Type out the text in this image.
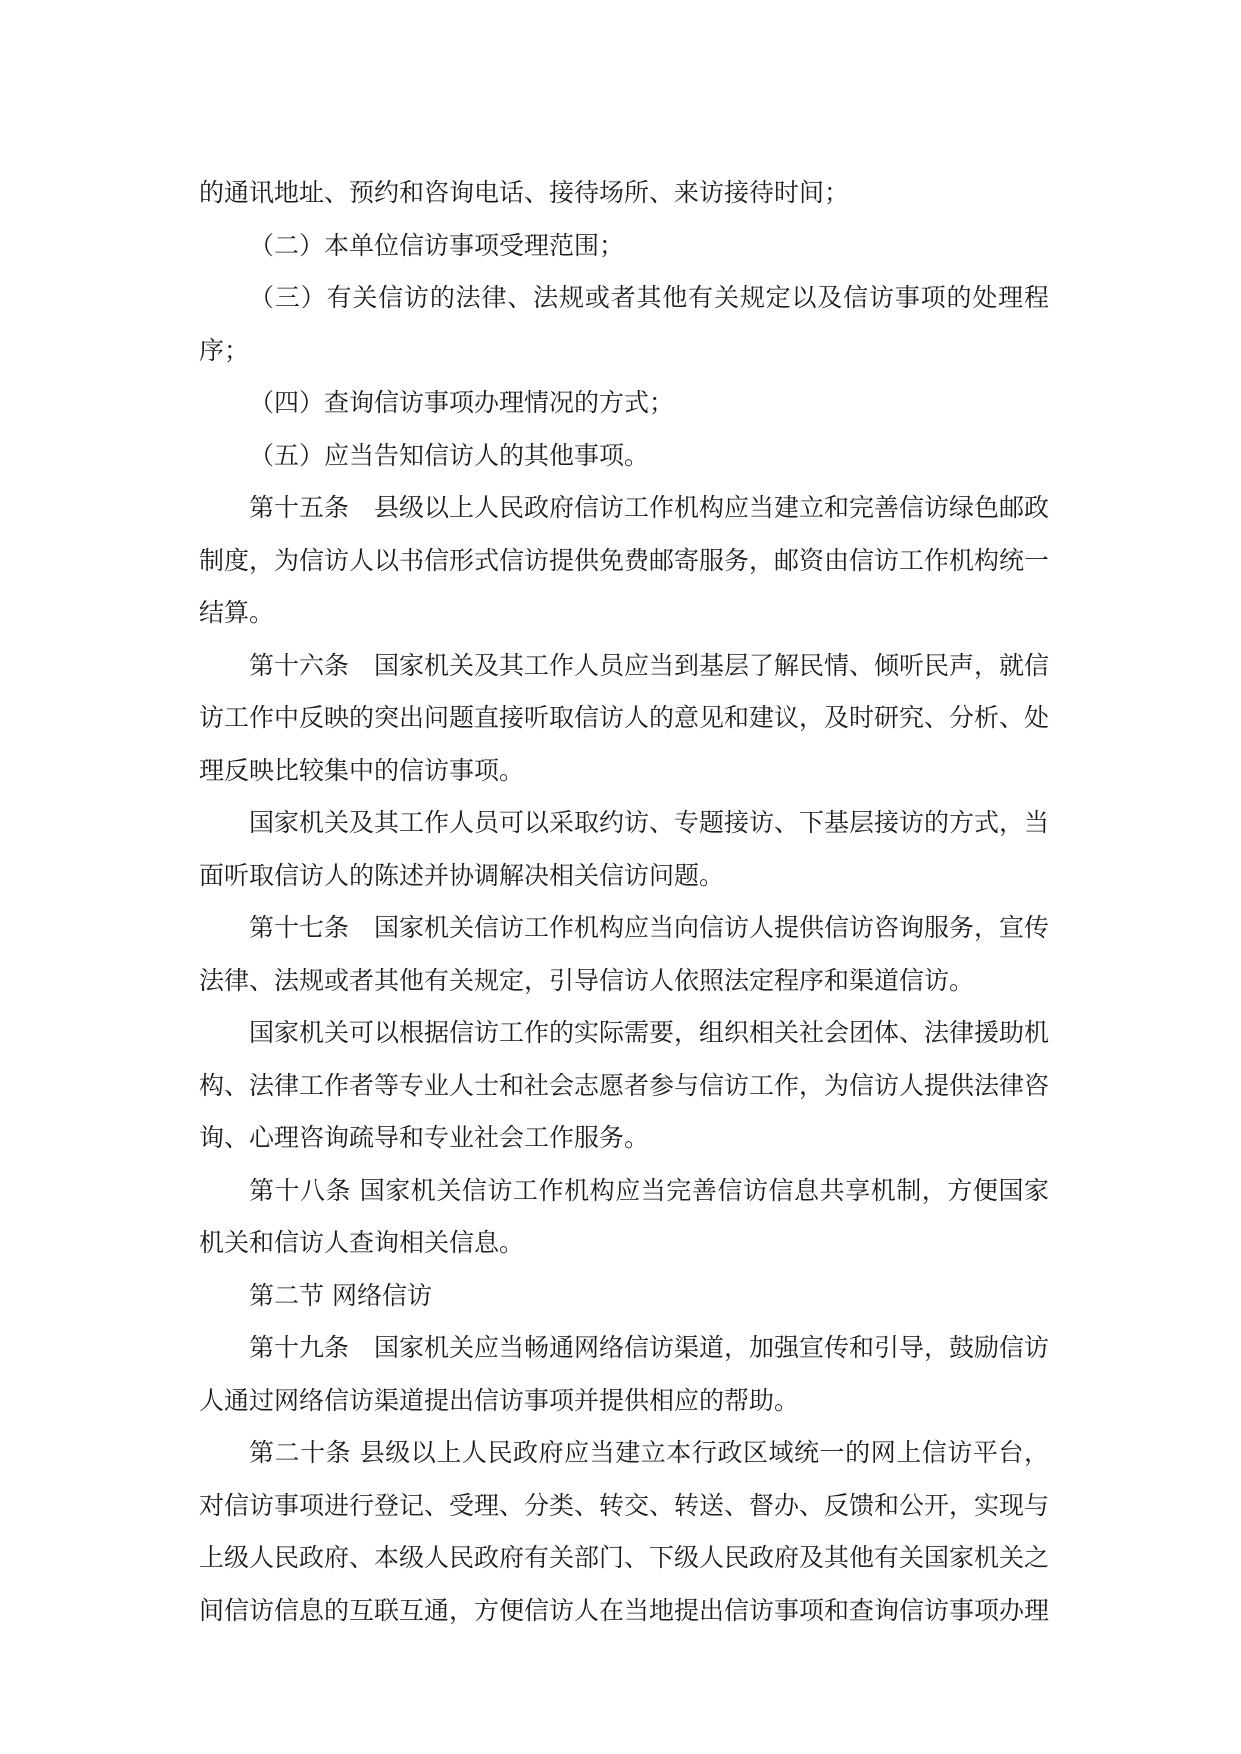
的通讯地址、预约和咨询电话、接待场所、来访接待时间；

（二）本单位信访事项受理范围；

（三）有关信访的法律、法规或者其他有关规定以及信访事项的处理程序；

（四）查询信访事项办理情况的方式；

（五）应当告知信访人的其他事项。

第十五条　县级以上人民政府信访工作机构应当建立和完善信访绿色邮政制度，为信访人以书信形式信访提供免费邮寄服务，邮资由信访工作机构统一结算。

第十六条　国家机关及其工作人员应当到基层了解民情、倾听民声，就信访工作中反映的突出问题直接听取信访人的意见和建议，及时研究、分析、处理反映比较集中的信访事项。

国家机关及其工作人员可以采取约访、专题接访、下基层接访的方式，当面听取信访人的陈述并协调解决相关信访问题。

第十七条　国家机关信访工作机构应当向信访人提供信访咨询服务，宣传法律、法规或者其他有关规定，引导信访人依照法定程序和渠道信访。

国家机关可以根据信访工作的实际需要，组织相关社会团体、法律援助机构、法律工作者等专业人士和社会志愿者参与信访工作，为信访人提供法律咨询、心理咨询疏导和专业社会工作服务。

第十八条 国家机关信访工作机构应当完善信访信息共享机制，方便国家机关和信访人查询相关信息。

第二节 网络信访

第十九条　国家机关应当畅通网络信访渠道，加强宣传和引导，鼓励信访人通过网络信访渠道提出信访事项并提供相应的帮助。

第二十条 县级以上人民政府应当建立本行政区域统一的网上信访平台，对信访事项进行登记、受理、分类、转交、转送、督办、反馈和公开，实现与上级人民政府、本级人民政府有关部门、下级人民政府及其他有关国家机关之间信访信息的互联互通，方便信访人在当地提出信访事项和查询信访事项办理
